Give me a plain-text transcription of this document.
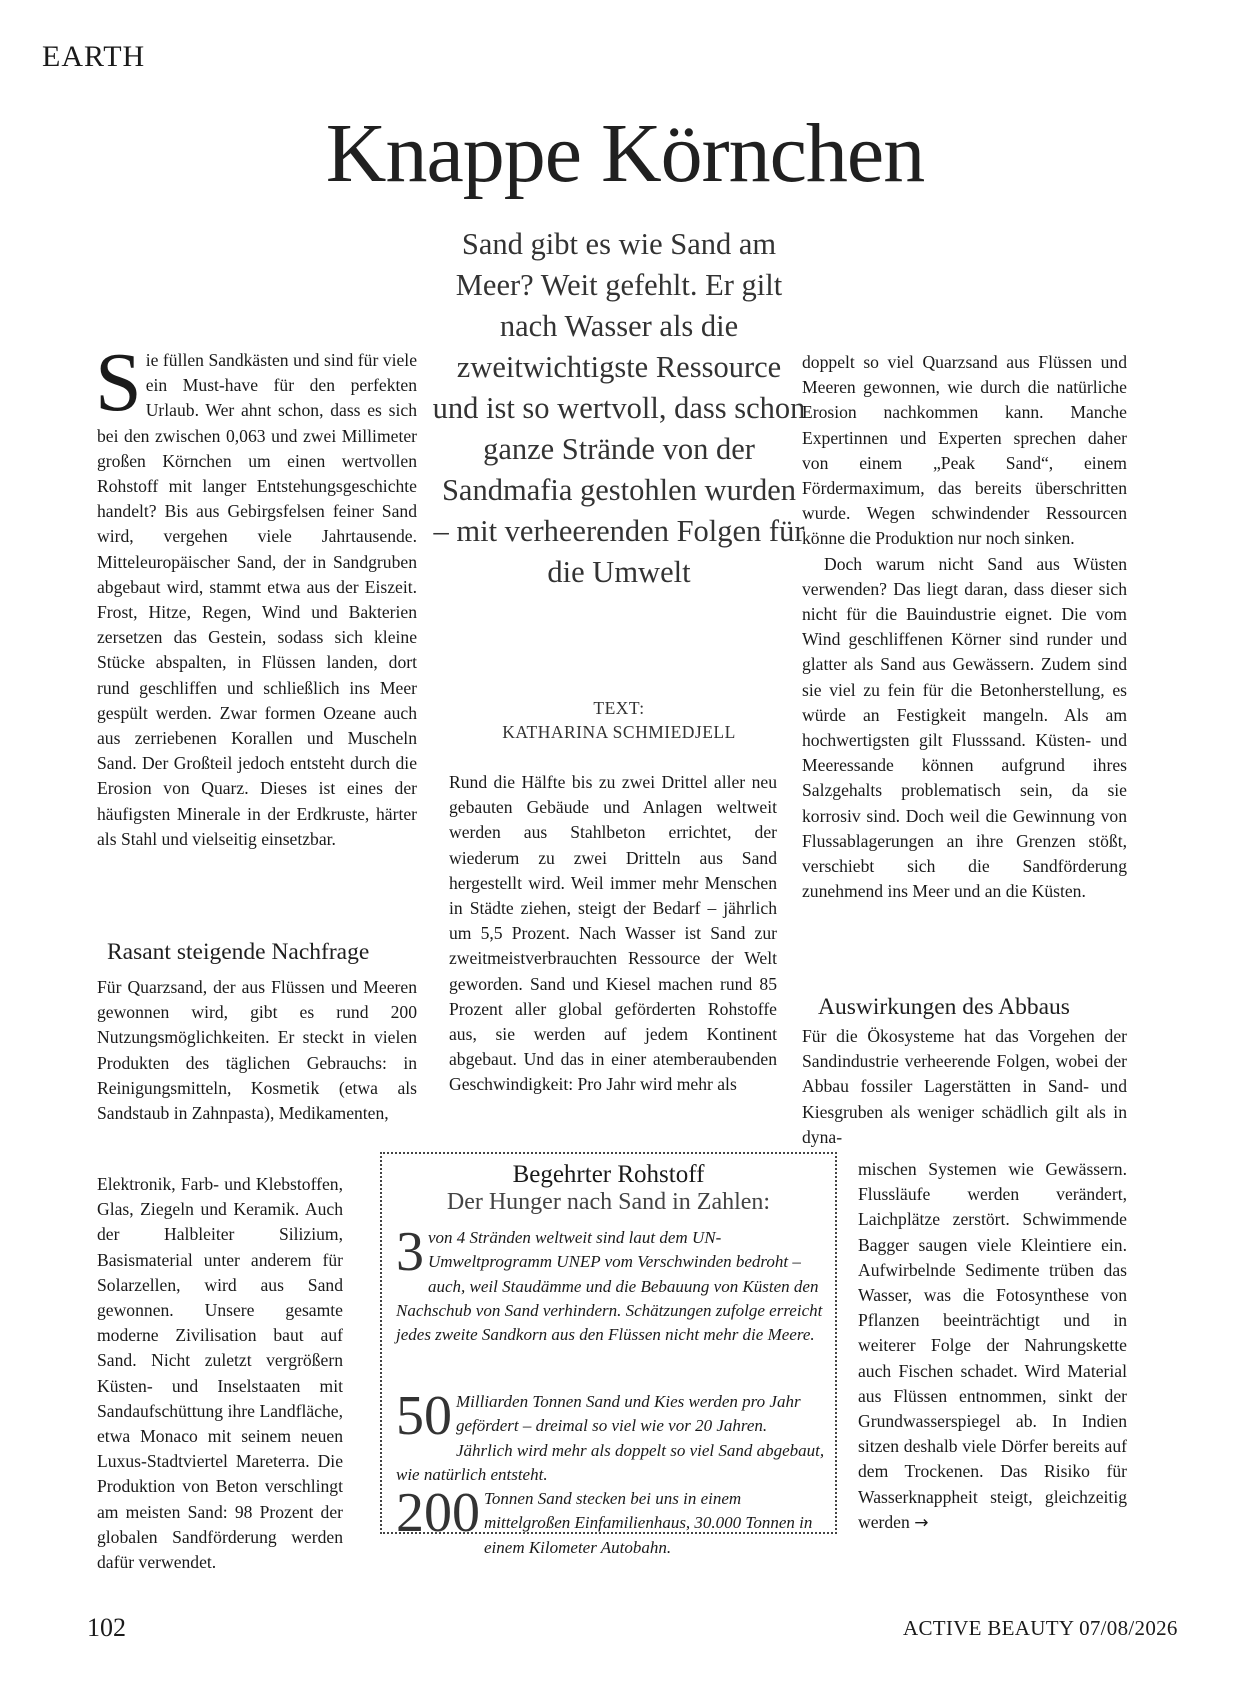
EARTH
Knappe Körnchen
Sand gibt es wie Sand am Meer? Weit gefehlt. Er gilt nach Wasser als die zweitwichtigste Ressource und ist so wertvoll, dass schon ganze Strände von der Sandmafia gestohlen wurden – mit verheerenden Folgen für die Umwelt
TEXT:
KATHARINA SCHMIEDJELL
S ie füllen Sandkästen und sind für viele ein Must-have für den perfekten Urlaub. Wer ahnt schon, dass es sich bei den zwischen 0,063 und zwei Millimeter großen Körnchen um einen wertvollen Rohstoff mit langer Entstehungsgeschichte handelt? Bis aus Gebirgsfelsen feiner Sand wird, vergehen viele Jahrtausende. Mitteleuropäischer Sand, der in Sandgruben abgebaut wird, stammt etwa aus der Eiszeit. Frost, Hitze, Regen, Wind und Bakterien zersetzen das Gestein, sodass sich kleine Stücke abspalten, in Flüssen landen, dort rund geschliffen und schließlich ins Meer gespült werden. Zwar formen Ozeane auch aus zerriebenen Korallen und Muscheln Sand. Der Großteil jedoch entsteht durch die Erosion von Quarz. Dieses ist eines der häufigsten Minerale in der Erdkruste, härter als Stahl und vielseitig einsetzbar.
Rasant steigende Nachfrage

Für Quarzsand, der aus Flüssen und Meeren gewonnen wird, gibt es rund 200 Nutzungsmöglichkeiten. Er steckt in vielen Produkten des täglichen Gebrauchs: in Reinigungsmitteln, Kosmetik (etwa als Sandstaub in Zahnpasta), Medikamenten,

Elektronik, Farb- und Klebstoffen, Glas, Ziegeln und Keramik. Auch der Halbleiter Silizium, Basismaterial unter anderem für Solarzellen, wird aus Sand gewonnen. Unsere gesamte moderne Zivilisation baut auf Sand. Nicht zuletzt vergrößern Küsten- und Inselstaaten mit Sandaufschüttung ihre Landfläche, etwa Monaco mit seinem neuen Luxus-Stadtviertel Mareterra. Die Produktion von Beton verschlingt am meisten Sand: 98 Prozent der globalen Sandförderung werden dafür verwendet.

Rund die Hälfte bis zu zwei Drittel aller neu gebauten Gebäude und Anlagen weltweit werden aus Stahlbeton errichtet, der wiederum zu zwei Dritteln aus Sand hergestellt wird. Weil immer mehr Menschen in Städte ziehen, steigt der Bedarf – jährlich um 5,5 Prozent. Nach Wasser ist Sand zur zweitmeistverbrauchten Ressource der Welt geworden. Sand und Kiesel machen rund 85 Prozent aller global geförderten Rohstoffe aus, sie werden auf jedem Kontinent abgebaut. Und das in einer atemberaubenden Geschwindigkeit: Pro Jahr wird mehr als

doppelt so viel Quarzsand aus Flüssen und Meeren gewonnen, wie durch die natürliche Erosion nachkommen kann. Manche Expertinnen und Experten sprechen daher von einem „Peak Sand“, einem Fördermaximum, das bereits überschritten wurde. Wegen schwindender Ressourcen könne die Produktion nur noch sinken.

Doch warum nicht Sand aus Wüsten verwenden? Das liegt daran, dass dieser sich nicht für die Bauindustrie eignet. Die vom Wind geschliffenen Körner sind runder und glatter als Sand aus Gewässern. Zudem sind sie viel zu fein für die Betonherstellung, es würde an Festigkeit mangeln. Als am hochwertigsten gilt Flusssand. Küsten- und Meeressande können aufgrund ihres Salzgehalts problematisch sein, da sie korrosiv sind. Doch weil die Gewinnung von Flussablagerungen an ihre Grenzen stößt, verschiebt sich die Sandförderung zunehmend ins Meer und an die Küsten.

Auswirkungen des Abbaus

Für die Ökosysteme hat das Vorgehen der Sandindustrie verheerende Folgen, wobei der Abbau fossiler Lagerstätten in Sand- und Kiesgruben als weniger schädlich gilt als in dyna-

mischen Systemen wie Gewässern. Flussläufe werden verändert, Laichplätze zerstört. Schwimmende Bagger saugen viele Kleintiere ein. Aufwirbelnde Sedimente trüben das Wasser, was die Fotosynthese von Pflanzen beeinträchtigt und in weiterer Folge der Nahrungskette auch Fischen schadet. Wird Material aus Flüssen entnommen, sinkt der Grundwasserspiegel ab. In Indien sitzen deshalb viele Dörfer bereits auf dem Trockenen. Das Risiko für Wasserknappheit steigt, gleichzeitig werden →

Begehrter Rohstoff
Der Hunger nach Sand in Zahlen:
3 von 4 Stränden weltweit sind laut dem UN-Umweltprogramm UNEP vom Verschwinden bedroht – auch, weil Staudämme und die Bebauung von Küsten den Nachschub von Sand verhindern. Schätzungen zufolge erreicht jedes zweite Sandkorn aus den Flüssen nicht mehr die Meere.
50 Milliarden Tonnen Sand und Kies werden pro Jahr gefördert – dreimal so viel wie vor 20 Jahren. Jährlich wird mehr als doppelt so viel Sand abgebaut, wie natürlich entsteht.
200 Tonnen Sand stecken bei uns in einem mittelgroßen Einfamilienhaus, 30.000 Tonnen in einem Kilometer Autobahn.
102	ACTIVE BEAUTY 07/08/2026
